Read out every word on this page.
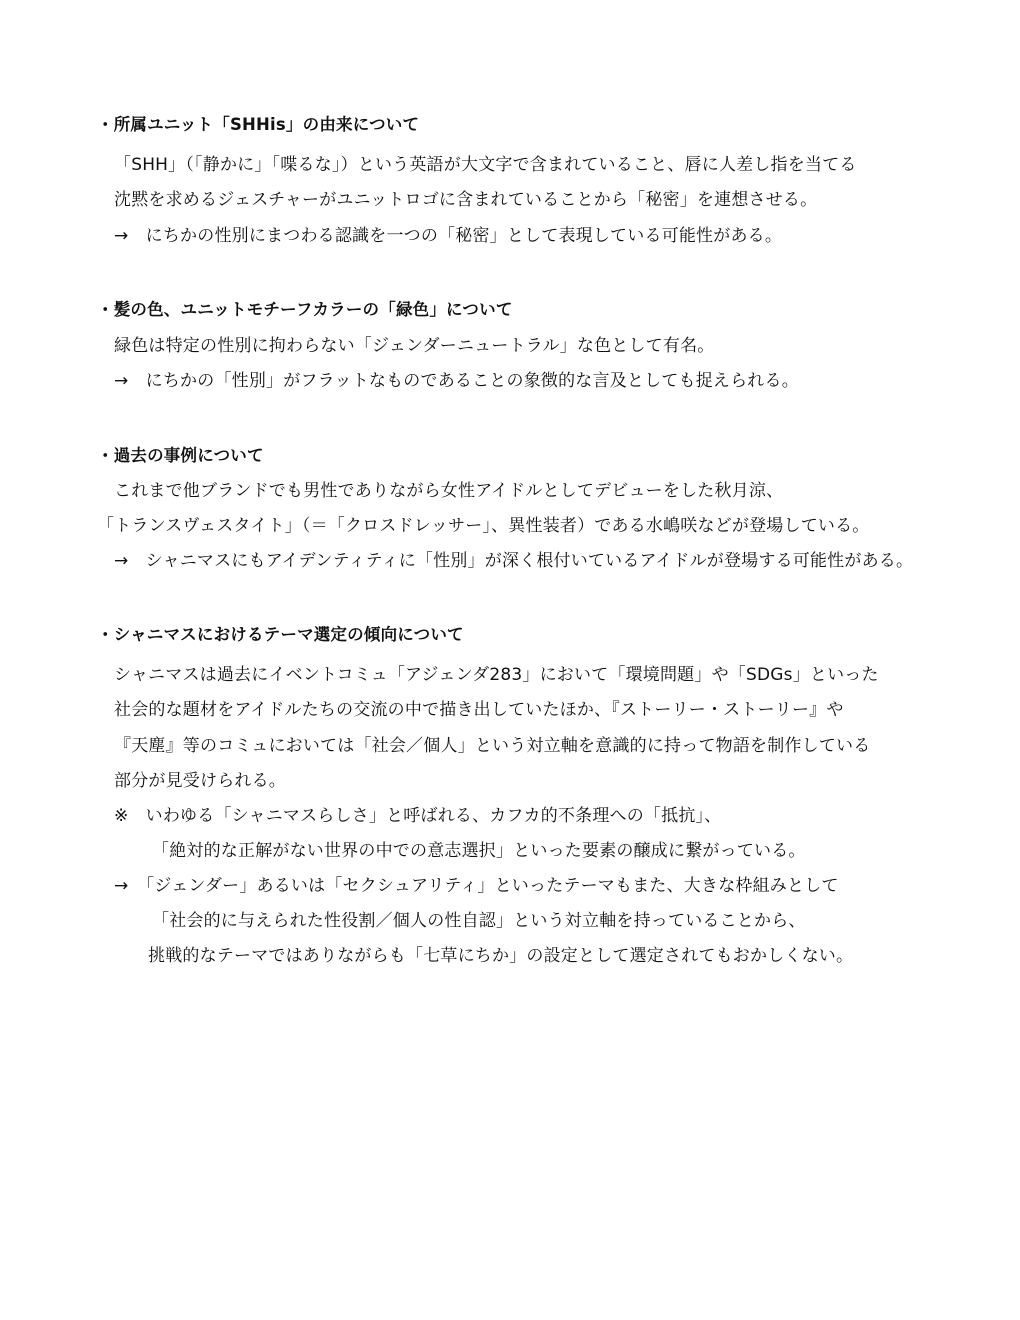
・所属ユニット「SHHis」の由来について
「SHH」（「静かに」「喋るな」）という英語が大文字で含まれていること、唇に人差し指を当てる
沈黙を求めるジェスチャーがユニットロゴに含まれていることから「秘密」を連想させる。
→　にちかの性別にまつわる認識を一つの「秘密」として表現している可能性がある。
・髪の色、ユニットモチーフカラーの「緑色」について
緑色は特定の性別に拘わらない「ジェンダーニュートラル」な色として有名。
→　にちかの「性別」がフラットなものであることの象徴的な言及としても捉えられる。
・過去の事例について
これまで他ブランドでも男性でありながら女性アイドルとしてデビューをした秋月涼、
「トランスヴェスタイト」（＝「クロスドレッサー」、異性装者）である水嶋咲などが登場している。
→　シャニマスにもアイデンティティに「性別」が深く根付いているアイドルが登場する可能性がある。
・シャニマスにおけるテーマ選定の傾向について
シャニマスは過去にイベントコミュ「アジェンダ283」において「環境問題」や「SDGs」といった
社会的な題材をアイドルたちの交流の中で描き出していたほか、『ストーリー・ストーリー』や
『天塵』等のコミュにおいては「社会／個人」という対立軸を意識的に持って物語を制作している
部分が見受けられる。
※　いわゆる「シャニマスらしさ」と呼ばれる、カフカ的不条理への「抵抗」、
「絶対的な正解がない世界の中での意志選択」といった要素の醸成に繋がっている。
→　「ジェンダー」あるいは「セクシュアリティ」といったテーマもまた、大きな枠組みとして
「社会的に与えられた性役割／個人の性自認」という対立軸を持っていることから、
挑戦的なテーマではありながらも「七草にちか」の設定として選定されてもおかしくない。
